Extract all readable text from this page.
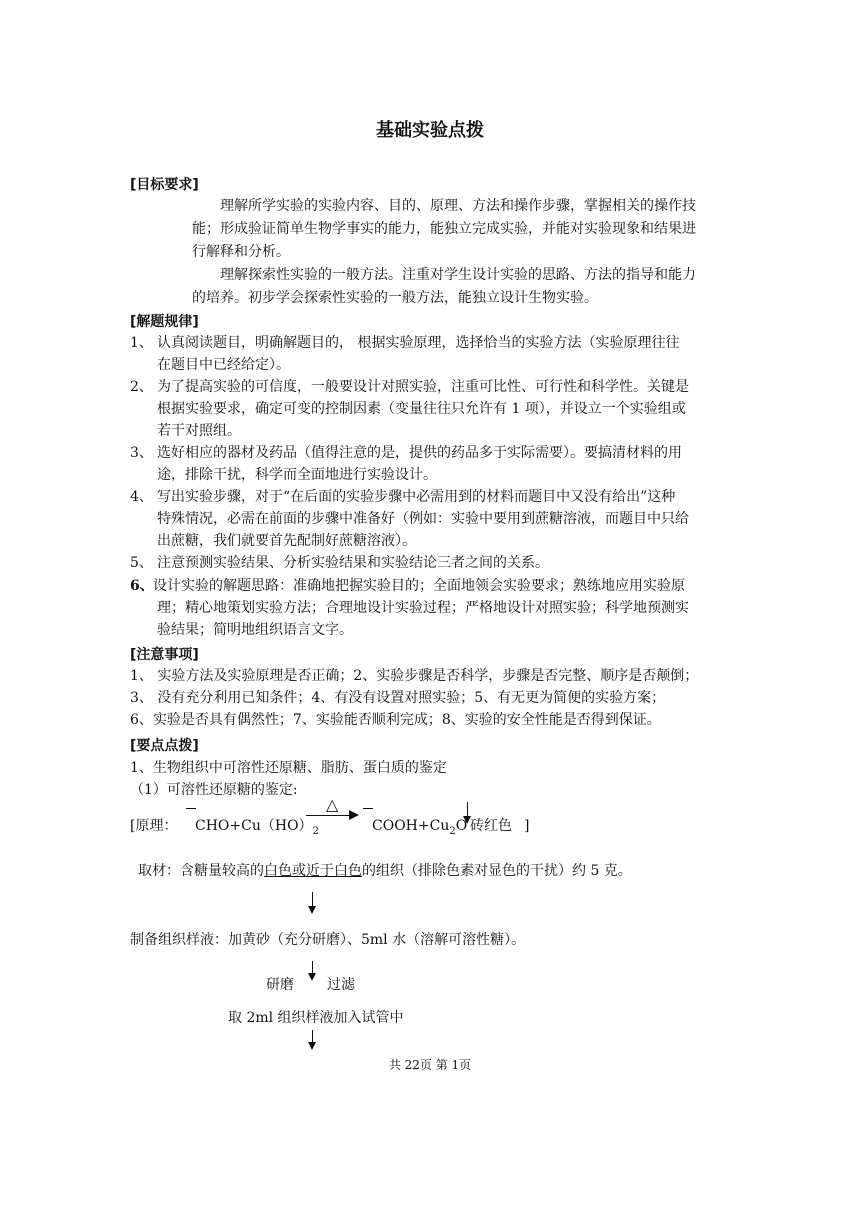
基础实验点拨
[目标要求]
理解所学实验的实验内容、目的、原理、方法和操作步骤，掌握相关的操作技
能；形成验证简单生物学事实的能力，能独立完成实验，并能对实验现象和结果进
行解释和分析。
理解探索性实验的一般方法。注重对学生设计实验的思路、方法的指导和能力
的培养。初步学会探索性实验的一般方法，能独立设计生物实验。
[解题规律]
1、 认真阅读题目，明确解题目的， 根据实验原理，选择恰当的实验方法（实验原理往往
在题目中已经给定）。
2、 为了提高实验的可信度，一般要设计对照实验，注重可比性、可行性和科学性。关键是
根据实验要求，确定可变的控制因素（变量往往只允许有 1 项），并设立一个实验组或
若干对照组。
3、 选好相应的器材及药品（值得注意的是，提供的药品多于实际需要）。要搞清材料的用
途，排除干扰，科学而全面地进行实验设计。
4、 写出实验步骤，对于“在后面的实验步骤中必需用到的材料而题目中又没有给出”这种
特殊情况，必需在前面的步骤中准备好（例如：实验中要用到蔗糖溶液，而题目中只给
出蔗糖，我们就要首先配制好蔗糖溶液）。
5、 注意预测实验结果、分析实验结果和实验结论三者之间的关系。
6、 设计实验的解题思路：准确地把握实验目的；全面地领会实验要求；熟练地应用实验原
理；精心地策划实验方法；合理地设计实验过程；严格地设计对照实验；科学地预测实
验结果；简明地组织语言文字。
[注意事项]
1、 实验方法及实验原理是否正确；2、实验步骤是否科学，步骤是否完整、顺序是否颠倒；
3、 没有充分利用已知条件；4、有没有设置对照实验；5、有无更为简便的实验方案；
6、实验是否具有偶然性；7、实验能否顺利完成；8、实验的安全性能是否得到保证。
[要点点拨]
1、生物组织中可溶性还原糖、脂肪、蛋白质的鉴定
（1）可溶性还原糖的鉴定:
[原理： $CHO+Cu(HO)_2$
△
$COOH+Cu_2O$ 砖红色 ]
取材：含糖量较高的白色或近于白色的组织（排除色素对显色的干扰）约 5 克。
制备组织样液：加黄砂（充分研磨）、5ml 水（溶解可溶性糖）。
研磨 过滤
取 2ml 组织样液加入试管中
共 22页 第 1页
